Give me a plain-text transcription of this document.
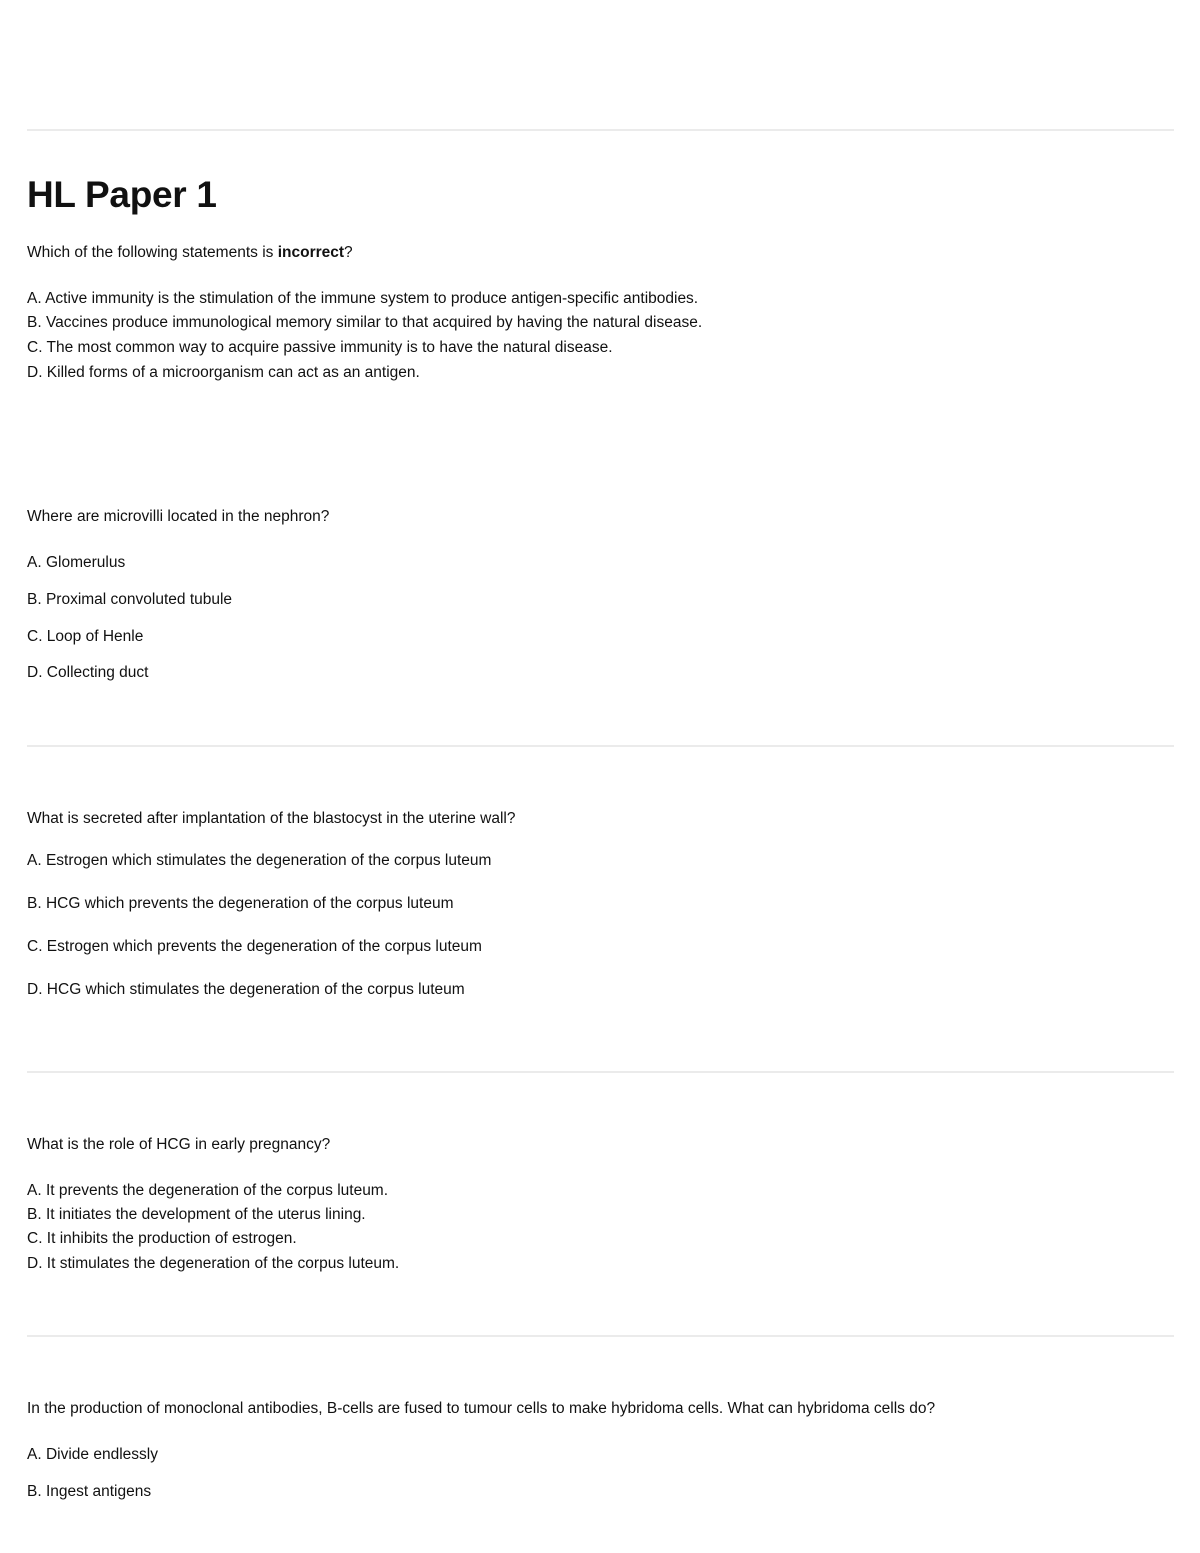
HL Paper 1

Which of the following statements is incorrect?

A. Active immunity is the stimulation of the immune system to produce antigen-specific antibodies.

B. Vaccines produce immunological memory similar to that acquired by having the natural disease.

C. The most common way to acquire passive immunity is to have the natural disease.

D. Killed forms of a microorganism can act as an antigen.

Where are microvilli located in the nephron?

A. Glomerulus

B. Proximal convoluted tubule

C. Loop of Henle

D. Collecting duct

What is secreted after implantation of the blastocyst in the uterine wall?

A. Estrogen which stimulates the degeneration of the corpus luteum

B. HCG which prevents the degeneration of the corpus luteum

C. Estrogen which prevents the degeneration of the corpus luteum

D. HCG which stimulates the degeneration of the corpus luteum

What is the role of HCG in early pregnancy?

A. It prevents the degeneration of the corpus luteum.

B. It initiates the development of the uterus lining.

C. It inhibits the production of estrogen.

D. It stimulates the degeneration of the corpus luteum.

In the production of monoclonal antibodies, B-cells are fused to tumour cells to make hybridoma cells. What can hybridoma cells do?

A. Divide endlessly

B. Ingest antigens
